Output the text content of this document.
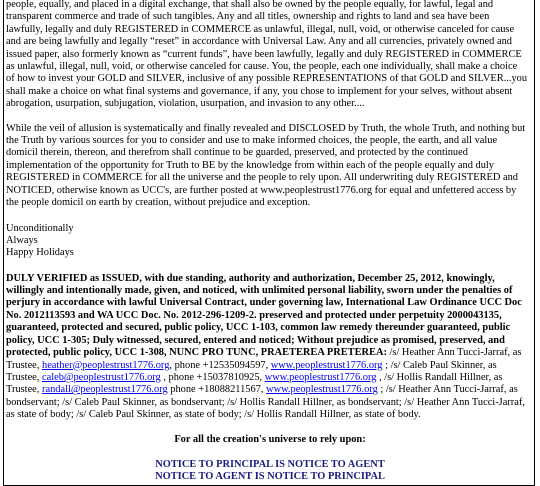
people, equally, and placed in a digital exchange, that shall also be owned by the people equally, for lawful, legal and transparent commerce and trade of such tangibles. Any and all titles, ownership and rights to land and sea have been lawfully, legally and duly REGISTERED in COMMERCE as unlawful, illegal, null, void, or otherwise canceled for cause and are being lawfully and legally “reset” in accordance with Universal Law. Any and all currencies, privately owned and issued paper, also formerly known as “current funds”, have been lawfully, legally and duly REGISTERED in COMMERCE as unlawful, illegal, null, void, or otherwise canceled for cause. You, the people, each one individually, shall make a choice of how to invest your GOLD and SILVER, inclusive of any possible REPRESENTATIONS of that GOLD and SILVER...you shall make a choice on what final systems and governance, if any, you chose to implement for your selves, without absent abrogation, usurpation, subjugation, violation, usurpation, and invasion to any other....

While the veil of allusion is systematically and finally revealed and DISCLOSED by Truth, the whole Truth, and nothing but the Truth by various sources for you to consider and use to make informed choices, the people, the earth, and all value domicil therein, thereon, and therefrom shall continue to be guarded, preserved, and protected by the continued implementation of the opportunity for Truth to BE by the knowledge from within each of the people equally and duly REGISTERED in COMMERCE for all the universe and the people to rely upon. All underwriting duly REGISTERED and NOTICED, otherwise known as UCC's, are further posted at www.peoplestrust1776.org for equal and unfettered access by the people domicil on earth by creation, without prejudice and exception.

Unconditionally
Always
Happy Holidays

DULY VERIFIED as ISSUED, with due standing, authority and authorization, December 25, 2012, knowingly, willingly and intentionally made, given, and noticed, with unlimited personal liability, sworn under the penalties of perjury in accordance with lawful Universal Contract, under governing law, International Law Ordinance UCC Doc No. 2012113593 and WA UCC Doc. No. 2012-296-1209-2. preserved and protected under perpetuity 2000043135, guaranteed, protected and secured, public policy, UCC 1-103, common law remedy thereunder guaranteed, public policy, UCC 1-305; Duly witnessed, secured, entered and noticed; Without prejudice as promised, preserved, and protected, public policy, UCC 1-308, NUNC PRO TUNC, PRAETEREA PRETEREA: /s/ Heather Ann Tucci-Jarraf, as Trustee, heather@peoplestrust1776.org, phone +12535094597, www.peoplestrust1776.org ; /s/ Caleb Paul Skinner, as Trustee, caleb@peoplestrust1776.org , phone +15037810925, www.peoplestrust1776.org , /s/ Hollis Randall Hillner, as Trustee, randall@peoplestrust1776.org phone +18088211567, www.peoplestrust1776.org ; /s/ Heather Ann Tucci-Jarraf, as bondservant; /s/ Caleb Paul Skinner, as bondservant; /s/ Hollis Randall Hillner, as bondservant; /s/ Heather Ann Tucci-Jarraf, as state of body; /s/ Caleb Paul Skinner, as state of body; /s/ Hollis Randall Hillner, as state of body.

For all the creation's universe to rely upon:
NOTICE TO PRINCIPAL IS NOTICE TO AGENT
NOTICE TO AGENT IS NOTICE TO PRINCIPAL
